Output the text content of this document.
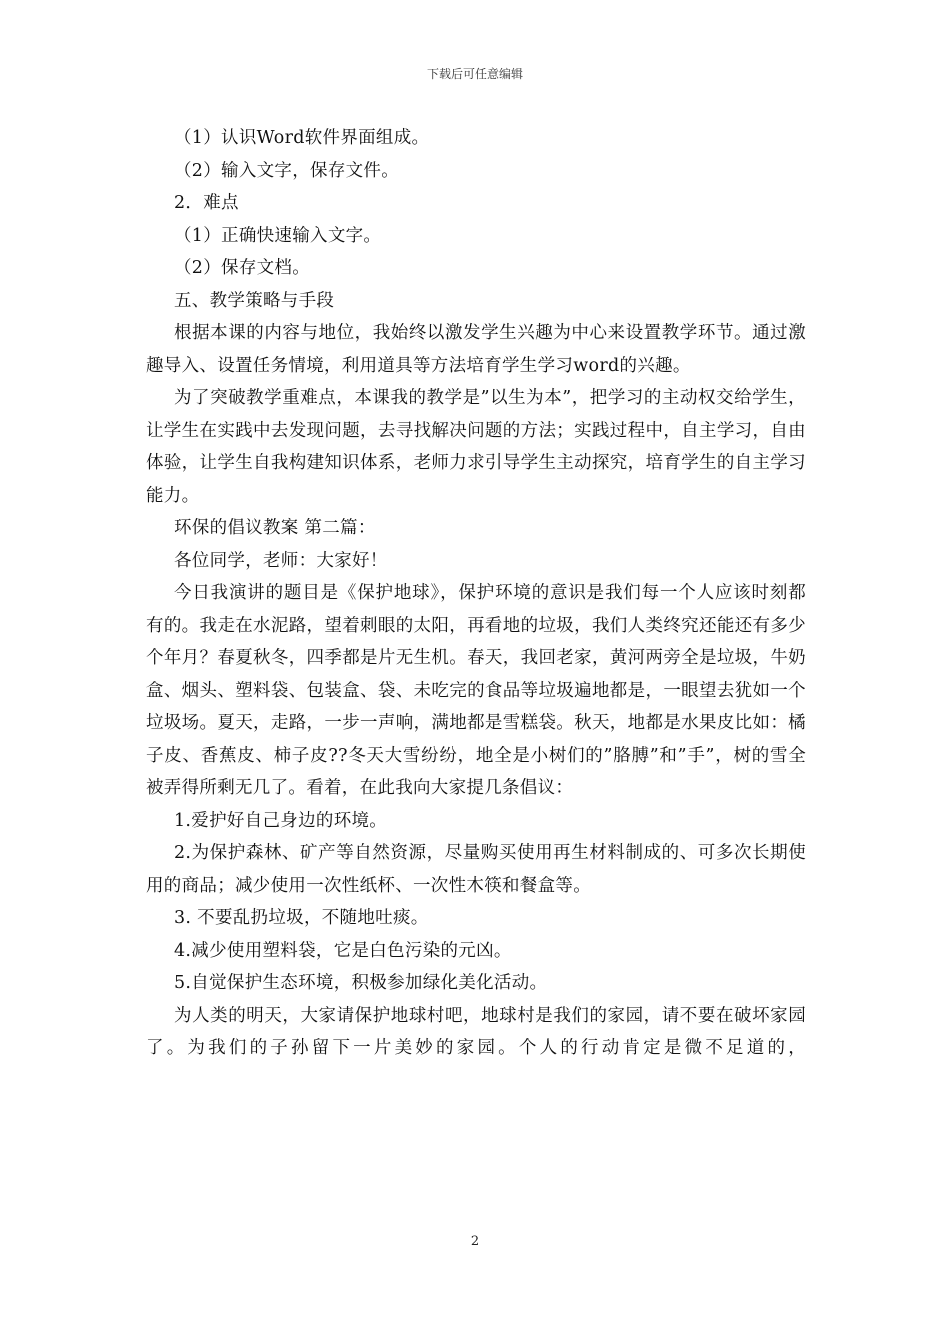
下载后可任意编辑

（1）认识Word软件界面组成。

（2）输入文字，保存文件。

2．难点

（1）正确快速输入文字。

（2）保存文档。

五、教学策略与手段

根据本课的内容与地位，我始终以激发学生兴趣为中心来设置教学环节。通过激趣导入、设置任务情境，利用道具等方法培育学生学习word的兴趣。

为了突破教学重难点，本课我的教学是”以生为本”，把学习的主动权交给学生，让学生在实践中去发现问题，去寻找解决问题的方法；实践过程中，自主学习，自由体验，让学生自我构建知识体系，老师力求引导学生主动探究，培育学生的自主学习能力。

环保的倡议教案 第二篇：

各位同学，老师：大家好！

今日我演讲的题目是《保护地球》，保护环境的意识是我们每一个人应该时刻都有的。我走在水泥路，望着刺眼的太阳，再看地的垃圾，我们人类终究还能还有多少个年月？春夏秋冬，四季都是片无生机。春天，我回老家，黄河两旁全是垃圾，牛奶盒、烟头、塑料袋、包装盒、袋、未吃完的食品等垃圾遍地都是，一眼望去犹如一个垃圾场。夏天，走路，一步一声响，满地都是雪糕袋。秋天，地都是水果皮比如：橘子皮、香蕉皮、柿子皮??冬天大雪纷纷，地全是小树们的”胳膊”和”手”，树的雪全被弄得所剩无几了。看着，在此我向大家提几条倡议：

1.爱护好自己身边的环境。

2.为保护森林、矿产等自然资源，尽量购买使用再生材料制成的、可多次长期使用的商品；减少使用一次性纸杯、一次性木筷和餐盒等。

3. 不要乱扔垃圾，不随地吐痰。

4.减少使用塑料袋，它是白色污染的元凶。

5.自觉保护生态环境，积极参加绿化美化活动。

为人类的明天，大家请保护地球村吧，地球村是我们的家园，请不要在破坏家园了。为我们的子孙留下一片美妙的家园。个人的行动肯定是微不足道的，

2
